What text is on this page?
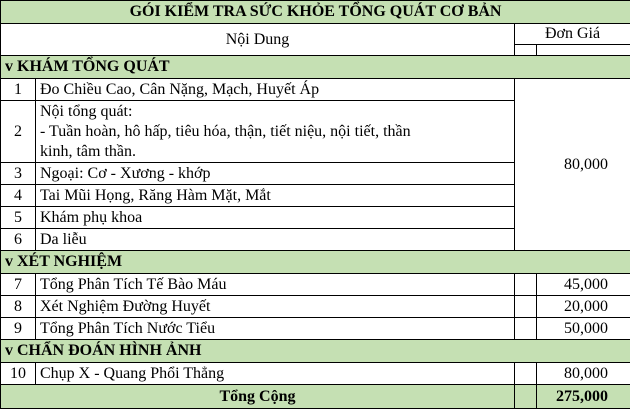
GÓI KIỂM TRA SỨC KHỎE TỔNG QUÁT CƠ BẢN			
Nội Dung		Đơn Giá	

v KHÁM TỔNG QUÁT			
1	Đo Chiều Cao, Cân Nặng, Mạch, Huyết Áp	80,000	
2	Nội tổng quát:
- Tuần hoàn, hô hấp, tiêu hóa, thận, tiết niệu, nội tiết, thần
kinh, tâm thần.		

3	Ngoại: Cơ - Xương - khớp		

4	Tai Mũi Họng, Răng Hàm Mặt, Mắt		

5	Khám phụ khoa		

6	Da liễu		

v XÉT NGHIỆM			
7	Tổng Phân Tích Tế Bào Máu		45,000
8	Xét Nghiệm Đường Huyết		20,000
9	Tổng Phân Tích Nước Tiểu		50,000
v CHẨN ĐOÁN HÌNH ẢNH			
10	Chụp X - Quang Phổi Thẳng		80,000
Tổng Cộng			275,000
